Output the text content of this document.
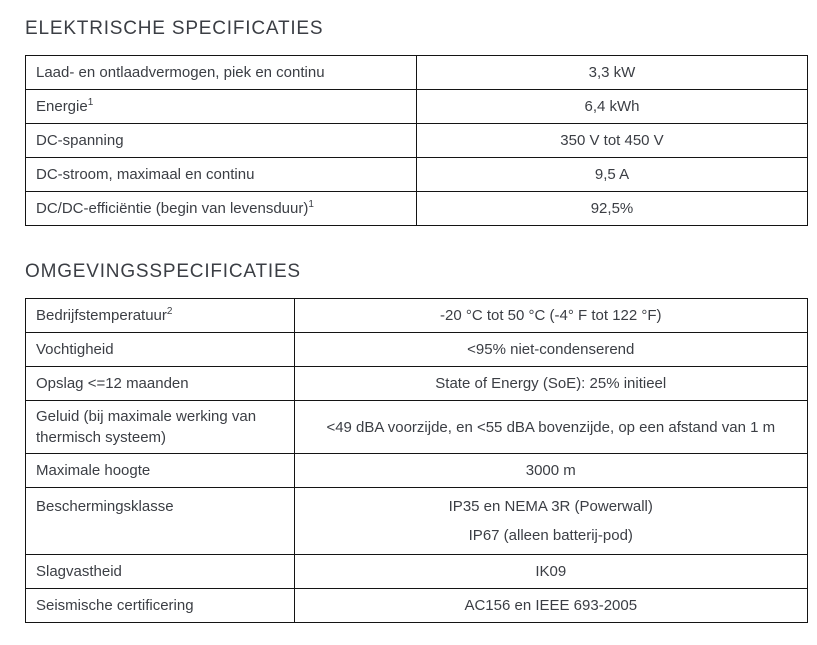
ELEKTRISCHE SPECIFICATIES
Laad- en ontlaadvermogen, piek en continu	3,3 kW

Energie$^1$	6,4 kWh

DC-spanning	350 V tot 450 V

DC-stroom, maximaal en continu	9,5 A

DC/DC-efficiëntie (begin van levensduur)$^1$	92,5%
OMGEVINGSSPECIFICATIES
Bedrijfstemperatuur$^2$	-20 °C tot 50 °C (-4° F tot 122 °F)

Vochtigheid	<95% niet-condenserend

Opslag <=12 maanden	State of Energy (SoE): 25% initieel

Geluid (bij maximale werking van thermisch systeem)	<49 dBA voorzijde, en <55 dBA bovenzijde, op een afstand van 1 m

Maximale hoogte	3000 m

Beschermingsklasse	IP35 en NEMA 3R (Powerwall)
IP67 (alleen batterij-pod)

Slagvastheid	IK09

Seismische certificering	AC156 en IEEE 693-2005
